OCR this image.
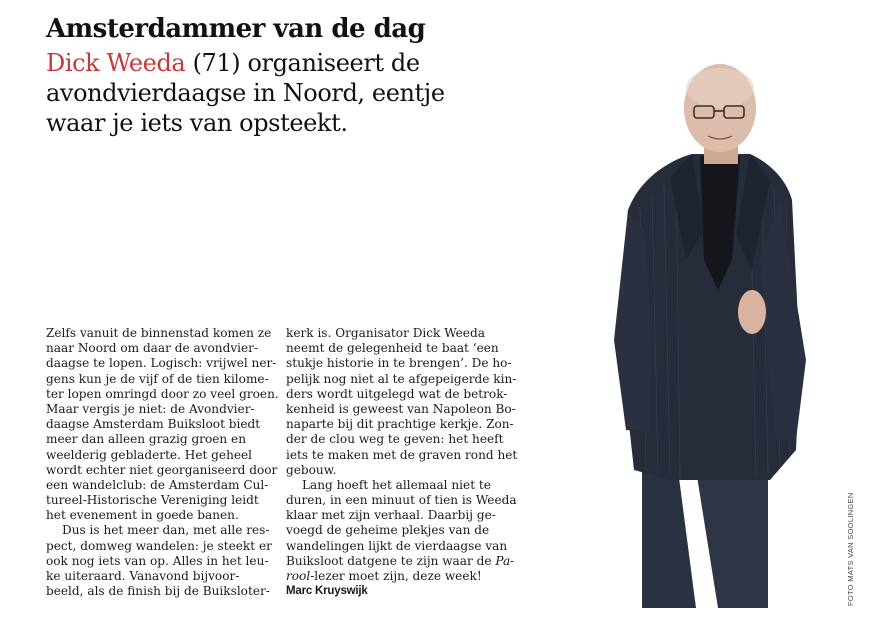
Amsterdammer van de dag
Dick Weeda (71) organiseert de
avondvierdaagse in Noord, eentje
waar je iets van opsteekt.
Zelfs vanuit de binnenstad komen ze
naar Noord om daar de avondvier-
daagse te lopen. Logisch: vrijwel ner-
gens kun je de vijf of de tien kilome-
ter lopen omringd door zo veel groen.
Maar vergis je niet: de Avondvier-
daagse Amsterdam Buiksloot biedt
meer dan alleen grazig groen en
weelderig gebladerte. Het geheel
wordt echter niet georganiseerd door
een wandelclub: de Amsterdam Cul-
tureel-Historische Vereniging leidt
het evenement in goede banen.
Dus is het meer dan, met alle res-
pect, domweg wandelen: je steekt er
ook nog iets van op. Alles in het leu-
ke uiteraard. Vanavond bijvoor-
beeld, als de finish bij de Buiksloter-
kerk is. Organisator Dick Weeda
neemt de gelegenheid te baat ‘een
stukje historie in te brengen’. De ho-
pelijk nog niet al te afgepeigerde kin-
ders wordt uitgelegd wat de betrok-
kenheid is geweest van Napoleon Bo-
naparte bij dit prachtige kerkje. Zon-
der de clou weg te geven: het heeft
iets te maken met de graven rond het
gebouw.
Lang hoeft het allemaal niet te
duren, in een minuut of tien is Weeda
klaar met zijn verhaal. Daarbij ge-
voegd de geheime plekjes van de
wandelingen lijkt de vierdaagse van
Buiksloot datgene te zijn waar de Pa-
rool-lezer moet zijn, deze week!
Marc Kruyswijk	FOTO MATS VAN SOOLINGEN
